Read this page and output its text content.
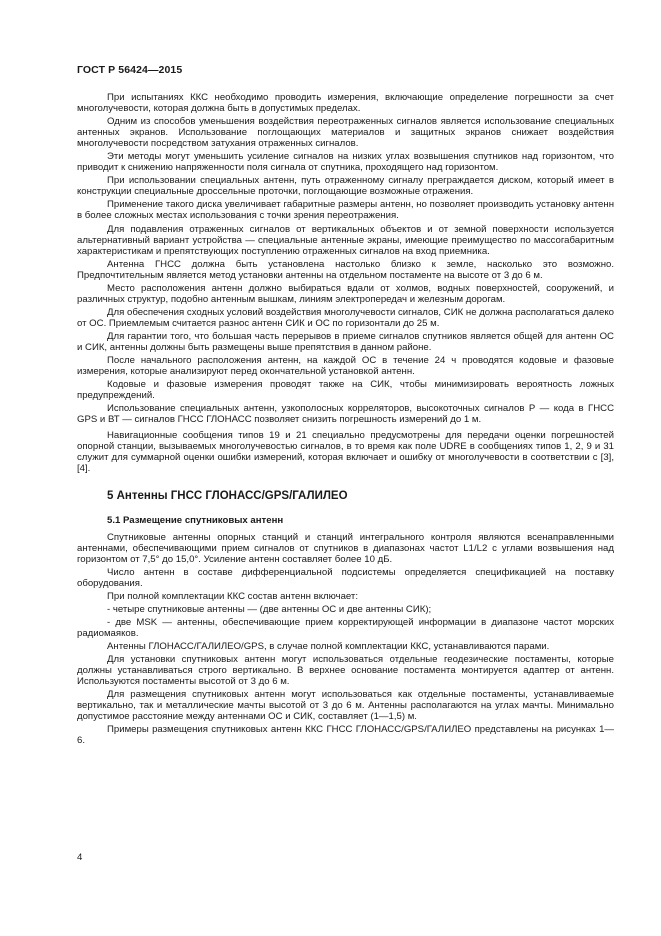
ГОСТ Р 56424—2015

При испытаниях ККС необходимо проводить измерения, включающие определение погрешности за счет многолучевости, которая должна быть в допустимых пределах.

Одним из способов уменьшения воздействия переотраженных сигналов является использование специальных антенных экранов. Использование поглощающих материалов и защитных экранов снижает воздействия многолучевости посредством затухания отраженных сигналов.

Эти методы могут уменьшить усиление сигналов на низких углах возвышения спутников над горизонтом, что приводит к снижению напряженности поля сигнала от спутника, проходящего над горизонтом.

При использовании специальных антенн, путь отраженному сигналу преграждается диском, который имеет в конструкции специальные дроссельные проточки, поглощающие возможные отражения.

Применение такого диска увеличивает габаритные размеры антенн, но позволяет производить установку антенн в более сложных местах использования с точки зрения переотражения.

Для подавления отраженных сигналов от вертикальных объектов и от земной поверхности используется альтернативный вариант устройства — специальные антенные экраны, имеющие преимущество по массогабаритным характеристикам и препятствующих поступлению отраженных сигналов на вход приемника.

Антенна ГНСС должна быть установлена настолько близко к земле, насколько это возможно. Предпочтительным является метод установки антенны на отдельном постаменте на высоте от 3 до 6 м.

Место расположения антенн должно выбираться вдали от холмов, водных поверхностей, сооружений, и различных структур, подобно антенным вышкам, линиям электропередач и железным дорогам.

Для обеспечения сходных условий воздействия многолучевости сигналов, СИК не должна располагаться далеко от ОС. Приемлемым считается разнос антенн СИК и ОС по горизонтали до 25 м.

Для гарантии того, что большая часть перерывов в приеме сигналов спутников является общей для антенн ОС и СИК, антенны должны быть размещены выше препятствия в данном районе.

После начального расположения антенн, на каждой ОС в течение 24 ч проводятся кодовые и фазовые измерения, которые анализируют перед окончательной установкой антенн.

Кодовые и фазовые измерения проводят также на СИК, чтобы минимизировать вероятность ложных предупреждений.

Использование специальных антенн, узкополосных корреляторов, высокоточных сигналов Р — кода в ГНСС GPS и ВТ — сигналов ГНСС ГЛОНАСС позволяет снизить погрешность измерений до 1 м.

Навигационные сообщения типов 19 и 21 специально предусмотрены для передачи оценки погрешностей опорной станции, вызываемых многолучевостью сигналов, в то время как поле UDRE в сообщениях типов 1, 2, 9 и 31 служит для суммарной оценки ошибки измерений, которая включает и ошибку от многолучевости в соответствии с [3], [4].

5 Антенны ГНСС ГЛОНАСС/GPS/ГАЛИЛЕО
5.1 Размещение спутниковых антенн

Спутниковые антенны опорных станций и станций интегрального контроля являются всенаправленными антеннами, обеспечивающими прием сигналов от спутников в диапазонах частот L1/L2 с углами возвышения над горизонтом от 7,5° до 15,0°. Усиление антенн составляет более 10 дБ.

Число антенн в составе дифференциальной подсистемы определяется спецификацией на поставку оборудования.

При полной комплектации ККС состав антенн включает:

- четыре спутниковые антенны — (две антенны ОС и две антенны СИК);

- две MSK — антенны, обеспечивающие прием корректирующей информации в диапазоне частот морских радиомаяков.

Антенны ГЛОНАСС/ГАЛИЛЕО/GPS, в случае полной комплектации ККС, устанавливаются парами.

Для установки спутниковых антенн могут использоваться отдельные геодезические постаменты, которые должны устанавливаться строго вертикально. В верхнее основание постамента монтируется адаптер от антенн. Используются постаменты высотой от 3 до 6 м.

Для размещения спутниковых антенн могут использоваться как отдельные постаменты, устанавливаемые вертикально, так и металлические мачты высотой от 3 до 6 м. Антенны располагаются на углах мачты. Минимально допустимое расстояние между антеннами ОС и СИК, составляет (1—1,5) м.

Примеры размещения спутниковых антенн ККС ГНСС ГЛОНАСС/GPS/ГАЛИЛЕО представлены на рисунках 1—6.

4
